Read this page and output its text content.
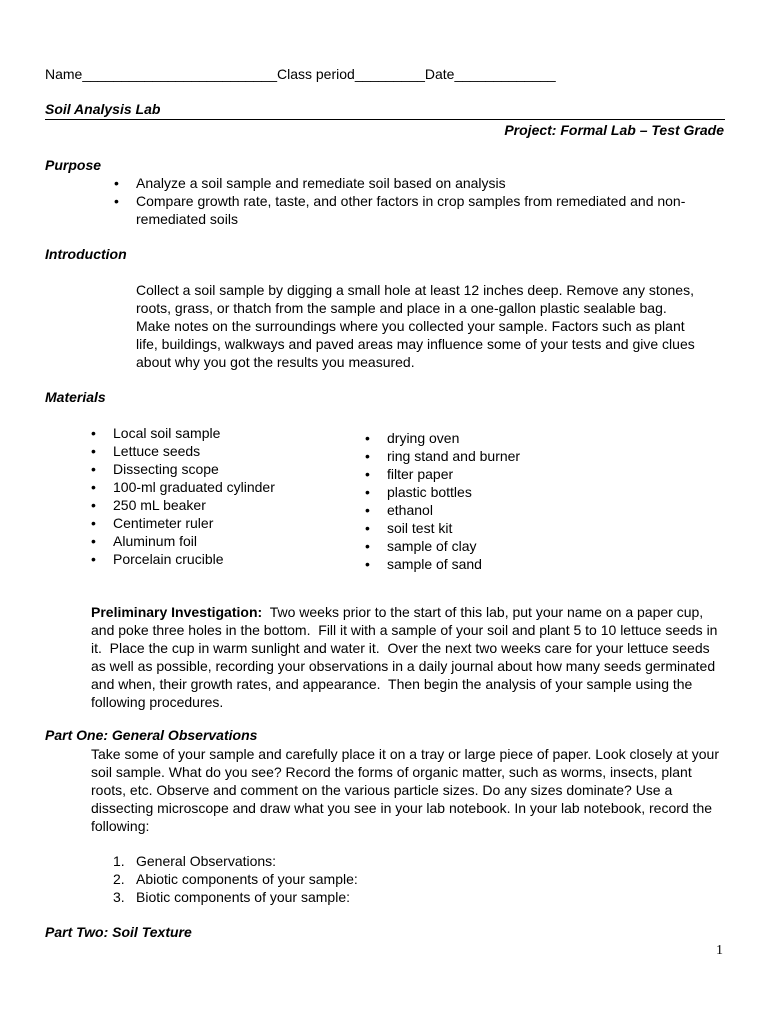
Name_________________________Class period_________Date_____________
Soil Analysis Lab
Project: Formal Lab – Test Grade
Purpose
• Analyze a soil sample and remediate soil based on analysis
• Compare growth rate, taste, and other factors in crop samples from remediated and non-remediated soils
Introduction
Collect a soil sample by digging a small hole at least 12 inches deep. Remove any stones, roots, grass, or thatch from the sample and place in a one-gallon plastic sealable bag. Make notes on the surroundings where you collected your sample. Factors such as plant life, buildings, walkways and paved areas may influence some of your tests and give clues about why you got the results you measured.
Materials
• Local soil sample
• Lettuce seeds
• Dissecting scope
• 100-ml graduated cylinder
• 250 mL beaker
• Centimeter ruler
• Aluminum foil
• Porcelain crucible
• drying oven
• ring stand and burner
• filter paper
• plastic bottles
• ethanol
• soil test kit
• sample of clay
• sample of sand
Preliminary Investigation:  Two weeks prior to the start of this lab, put your name on a paper cup, and poke three holes in the bottom.  Fill it with a sample of your soil and plant 5 to 10 lettuce seeds in it.  Place the cup in warm sunlight and water it.  Over the next two weeks care for your lettuce seeds as well as possible, recording your observations in a daily journal about how many seeds germinated and when, their growth rates, and appearance.  Then begin the analysis of your sample using the following procedures.
Part One: General Observations
Take some of your sample and carefully place it on a tray or large piece of paper. Look closely at your soil sample. What do you see? Record the forms of organic matter, such as worms, insects, plant roots, etc. Observe and comment on the various particle sizes. Do any sizes dominate? Use a dissecting microscope and draw what you see in your lab notebook. In your lab notebook, record the following:
1. General Observations:
2. Abiotic components of your sample:
3. Biotic components of your sample:
Part Two: Soil Texture
1
